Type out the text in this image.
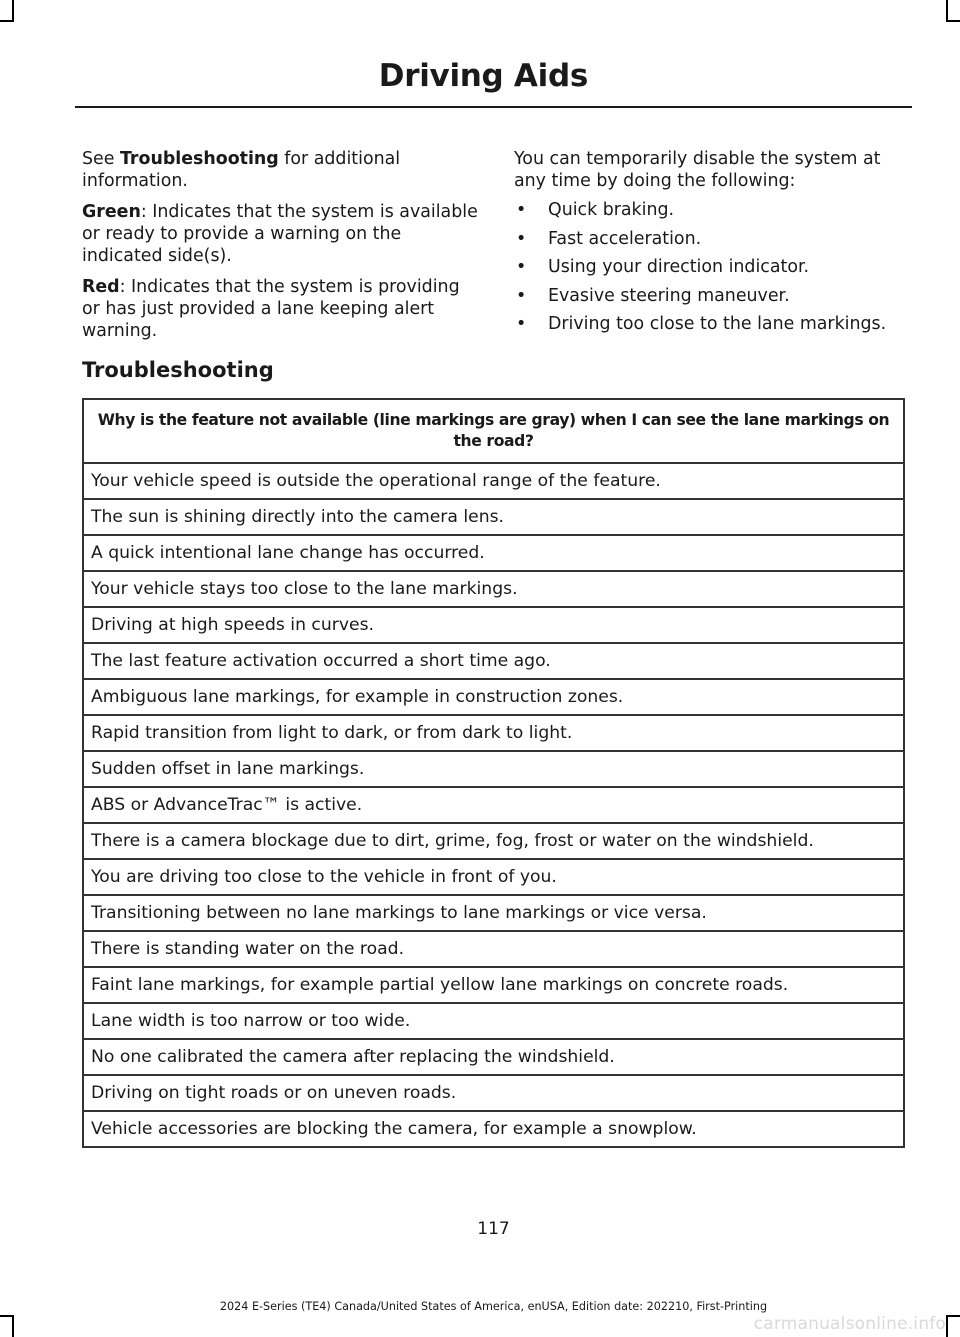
Driving Aids

See Troubleshooting for additional information.

Green: Indicates that the system is available or ready to provide a warning on the indicated side(s).

Red: Indicates that the system is providing or has just provided a lane keeping alert warning.

You can temporarily disable the system at any time by doing the following:

• Quick braking.
• Fast acceleration.
• Using your direction indicator.
• Evasive steering maneuver.
• Driving too close to the lane markings.
Troubleshooting
Why is the feature not available (line markings are gray) when I can see the lane markings on the road?
Your vehicle speed is outside the operational range of the feature.
The sun is shining directly into the camera lens.
A quick intentional lane change has occurred.
Your vehicle stays too close to the lane markings.
Driving at high speeds in curves.
The last feature activation occurred a short time ago.
Ambiguous lane markings, for example in construction zones.
Rapid transition from light to dark, or from dark to light.
Sudden offset in lane markings.
ABS or AdvanceTrac™ is active.
There is a camera blockage due to dirt, grime, fog, frost or water on the windshield.
You are driving too close to the vehicle in front of you.
Transitioning between no lane markings to lane markings or vice versa.
There is standing water on the road.
Faint lane markings, for example partial yellow lane markings on concrete roads.
Lane width is too narrow or too wide.
No one calibrated the camera after replacing the windshield.
Driving on tight roads or on uneven roads.
Vehicle accessories are blocking the camera, for example a snowplow.
117
2024 E-Series (TE4) Canada/United States of America, enUSA, Edition date: 202210, First-Printing
carmanualsonline.info
